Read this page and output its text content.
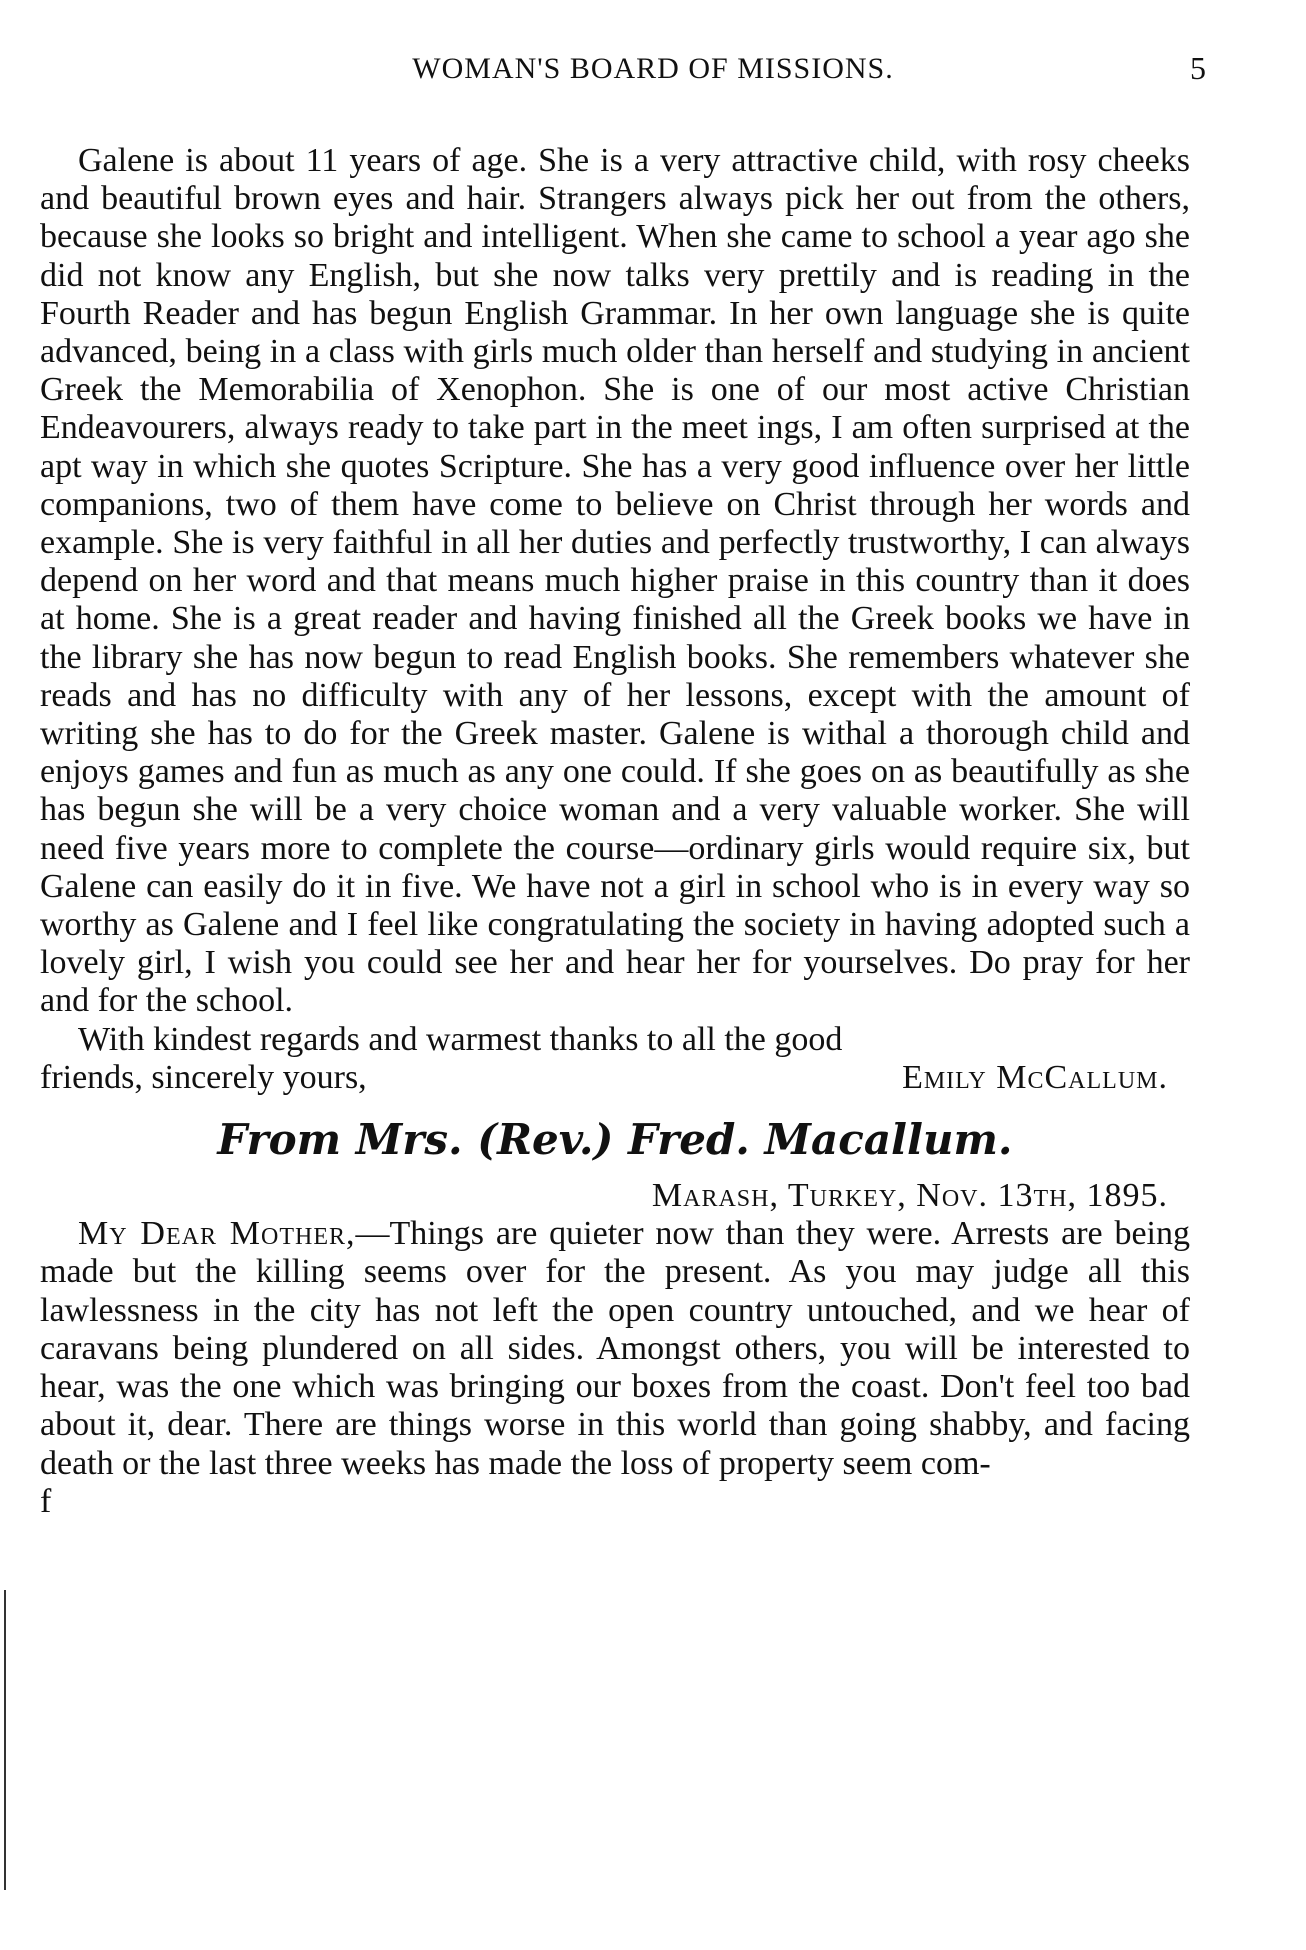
WOMAN'S BOARD OF MISSIONS.	5

Galene is about 11 years of age. She is a very attractive child, with rosy cheeks and beautiful brown eyes and hair. Strangers always pick her out from the others, because she looks so bright and intelligent. When she came to school a year ago she did not know any English, but she now talks very prettily and is reading in the Fourth Reader and has begun English Grammar. In her own language she is quite advanced, being in a class with girls much older than herself and studying in ancient Greek the Memorabilia of Xenophon. She is one of our most active Christian Endeavourers, always ready to take part in the meet ings, I am often surprised at the apt way in which she quotes Scripture. She has a very good influence over her little companions, two of them have come to believe on Christ through her words and example. She is very faithful in all her duties and perfectly trustworthy, I can always depend on her word and that means much higher praise in this country than it does at home. She is a great reader and having finished all the Greek books we have in the library she has now begun to read English books. She remembers whatever she reads and has no difficulty with any of her lessons, except with the amount of writing she has to do for the Greek master. Galene is withal a thorough child and enjoys games and fun as much as any one could. If she goes on as beautifully as she has begun she will be a very choice woman and a very valuable worker. She will need five years more to complete the course—ordinary girls would require six, but Galene can easily do it in five. We have not a girl in school who is in every way so worthy as Galene and I feel like congratulating the society in having adopted such a lovely girl, I wish you could see her and hear her for yourselves. Do pray for her and for the school.

With kindest regards and warmest thanks to all the good

friends, sincerely yours,	Emily McCallum.
From Mrs. (Rev.) Fred. Macallum.

Marash, Turkey, Nov. 13th, 1895.

My Dear Mother,—Things are quieter now than they were. Arrests are being made but the killing seems over for the present. As you may judge all this lawlessness in the city has not left the open country untouched, and we hear of caravans being plundered on all sides. Amongst others, you will be interested to hear, was the one which was bringing our boxes from the coast. Don't feel too bad about it, dear. There are things worse in this world than going shabby, and facing death or the last three weeks has made the loss of property seem com-

f
